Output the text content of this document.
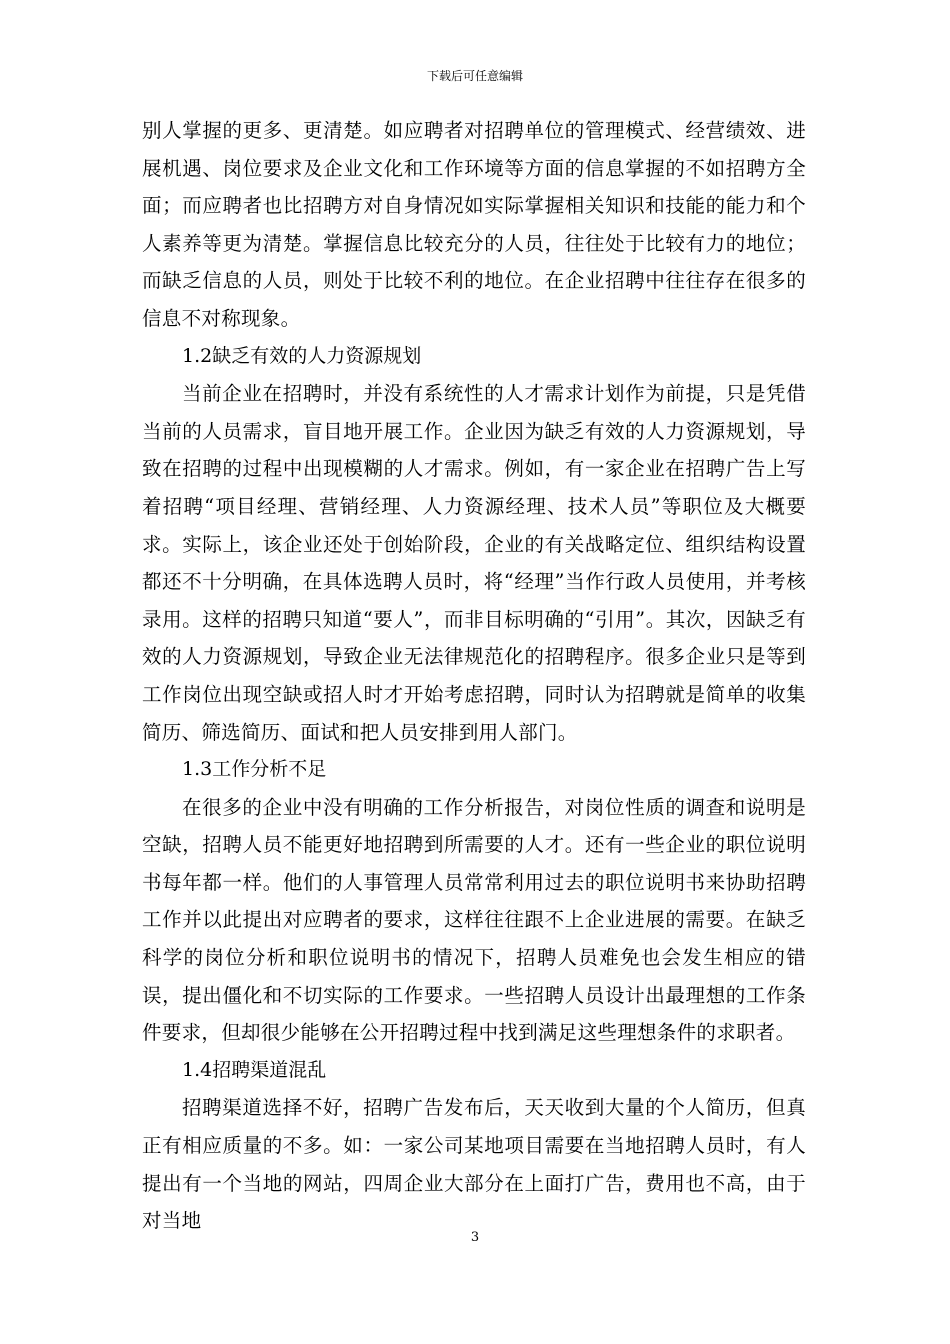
下载后可任意编辑

别人掌握的更多、更清楚。如应聘者对招聘单位的管理模式、经营绩效、进展机遇、岗位要求及企业文化和工作环境等方面的信息掌握的不如招聘方全面；而应聘者也比招聘方对自身情况如实际掌握相关知识和技能的能力和个人素养等更为清楚。掌握信息比较充分的人员，往往处于比较有力的地位；而缺乏信息的人员，则处于比较不利的地位。在企业招聘中往往存在很多的信息不对称现象。

1.2缺乏有效的人力资源规划

当前企业在招聘时，并没有系统性的人才需求计划作为前提，只是凭借当前的人员需求，盲目地开展工作。企业因为缺乏有效的人力资源规划，导致在招聘的过程中出现模糊的人才需求。例如，有一家企业在招聘广告上写着招聘“项目经理、营销经理、人力资源经理、技术人员”等职位及大概要求。实际上，该企业还处于创始阶段，企业的有关战略定位、组织结构设置都还不十分明确，在具体选聘人员时，将“经理”当作行政人员使用，并考核录用。这样的招聘只知道“要人”，而非目标明确的“引用”。其次，因缺乏有效的人力资源规划，导致企业无法律规范化的招聘程序。很多企业只是等到工作岗位出现空缺或招人时才开始考虑招聘，同时认为招聘就是简单的收集简历、筛选简历、面试和把人员安排到用人部门。

1.3工作分析不足

在很多的企业中没有明确的工作分析报告，对岗位性质的调查和说明是空缺，招聘人员不能更好地招聘到所需要的人才。还有一些企业的职位说明书每年都一样。他们的人事管理人员常常利用过去的职位说明书来协助招聘工作并以此提出对应聘者的要求，这样往往跟不上企业进展的需要。在缺乏科学的岗位分析和职位说明书的情况下，招聘人员难免也会发生相应的错误，提出僵化和不切实际的工作要求。一些招聘人员设计出最理想的工作条件要求，但却很少能够在公开招聘过程中找到满足这些理想条件的求职者。

1.4招聘渠道混乱

招聘渠道选择不好，招聘广告发布后，天天收到大量的个人简历，但真正有相应质量的不多。如：一家公司某地项目需要在当地招聘人员时，有人提出有一个当地的网站，四周企业大部分在上面打广告，费用也不高，由于对当地

3
